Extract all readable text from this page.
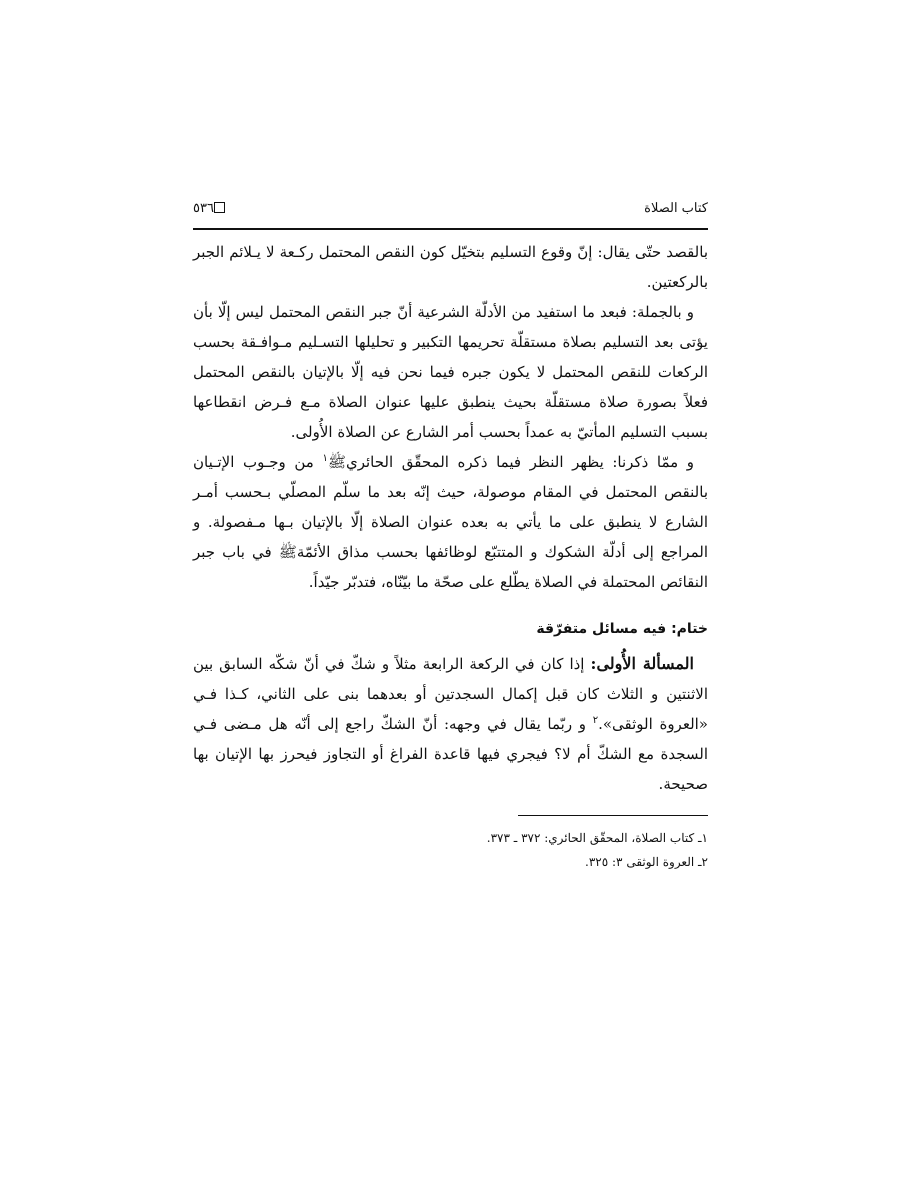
كتاب الصلاة
٥٣٦

بالقصد حتّى يقال: إنّ وقوع التسليم بتخيّل كون النقص المحتمل ركـعة لا يـلائم الجبر بالركعتين.

و بالجملة: فبعد ما استفيد من الأدلّة الشرعية أنّ جبر النقص المحتمل ليس إلّا بأن يؤتى بعد التسليم بصلاة مستقلّة تحريمها التكبير و تحليلها التسـليم مـوافـقة بحسب الركعات للنقص المحتمل لا يكون جبره فيما نحن فيه إلّا بالإتيان بالنقص المحتمل فعلاً بصورة صلاة مستقلّة بحيث ينطبق عليها عنوان الصلاة مـع فـرض انقطاعها بسبب التسليم المأتيّ به عمداً بحسب أمر الشارع عن الصلاة الأُولى.

و ممّا ذكرنا: يظهر النظر فيما ذكره المحقّق الحائريﷺ$^١$ من وجـوب الإتـيان بالنقص المحتمل في المقام موصولة، حيث إنّه بعد ما سلّم المصلّي بـحسب أمـر الشارع لا ينطبق على ما يأتي به بعده عنوان الصلاة إلّا بالإتيان بـها مـفصولة. و المراجع إلى أدلّة الشكوك و المتتبّع لوظائفها بحسب مذاق الأئمّةﷺ في باب جبر النقائص المحتملة في الصلاة يطّلع على صحّة ما بيّنّاه، فتدبّر جيّداً.

ختام: فيه مسائل متفرّقة

المسألة الأُولى: إذا كان في الركعة الرابعة مثلاً و شكّ في أنّ شكّه السابق بين الاثنتين و الثلاث كان قبل إكمال السجدتين أو بعدهما بنى على الثاني، كـذا فـي «العروة الوثقى».$^٢$ و ربّما يقال في وجهه: أنّ الشكّ راجع إلى أنّه هل مـضى فـي السجدة مع الشكّ أم لا؟ فيجري فيها قاعدة الفراغ أو التجاوز فيحرز بها الإتيان بها صحيحة.

١ـ كتاب الصلاة، المحقّق الحائري: ٣٧٢ ـ ٣٧٣.

٢ـ العروة الوثقى ٣: ٣٢٥.
